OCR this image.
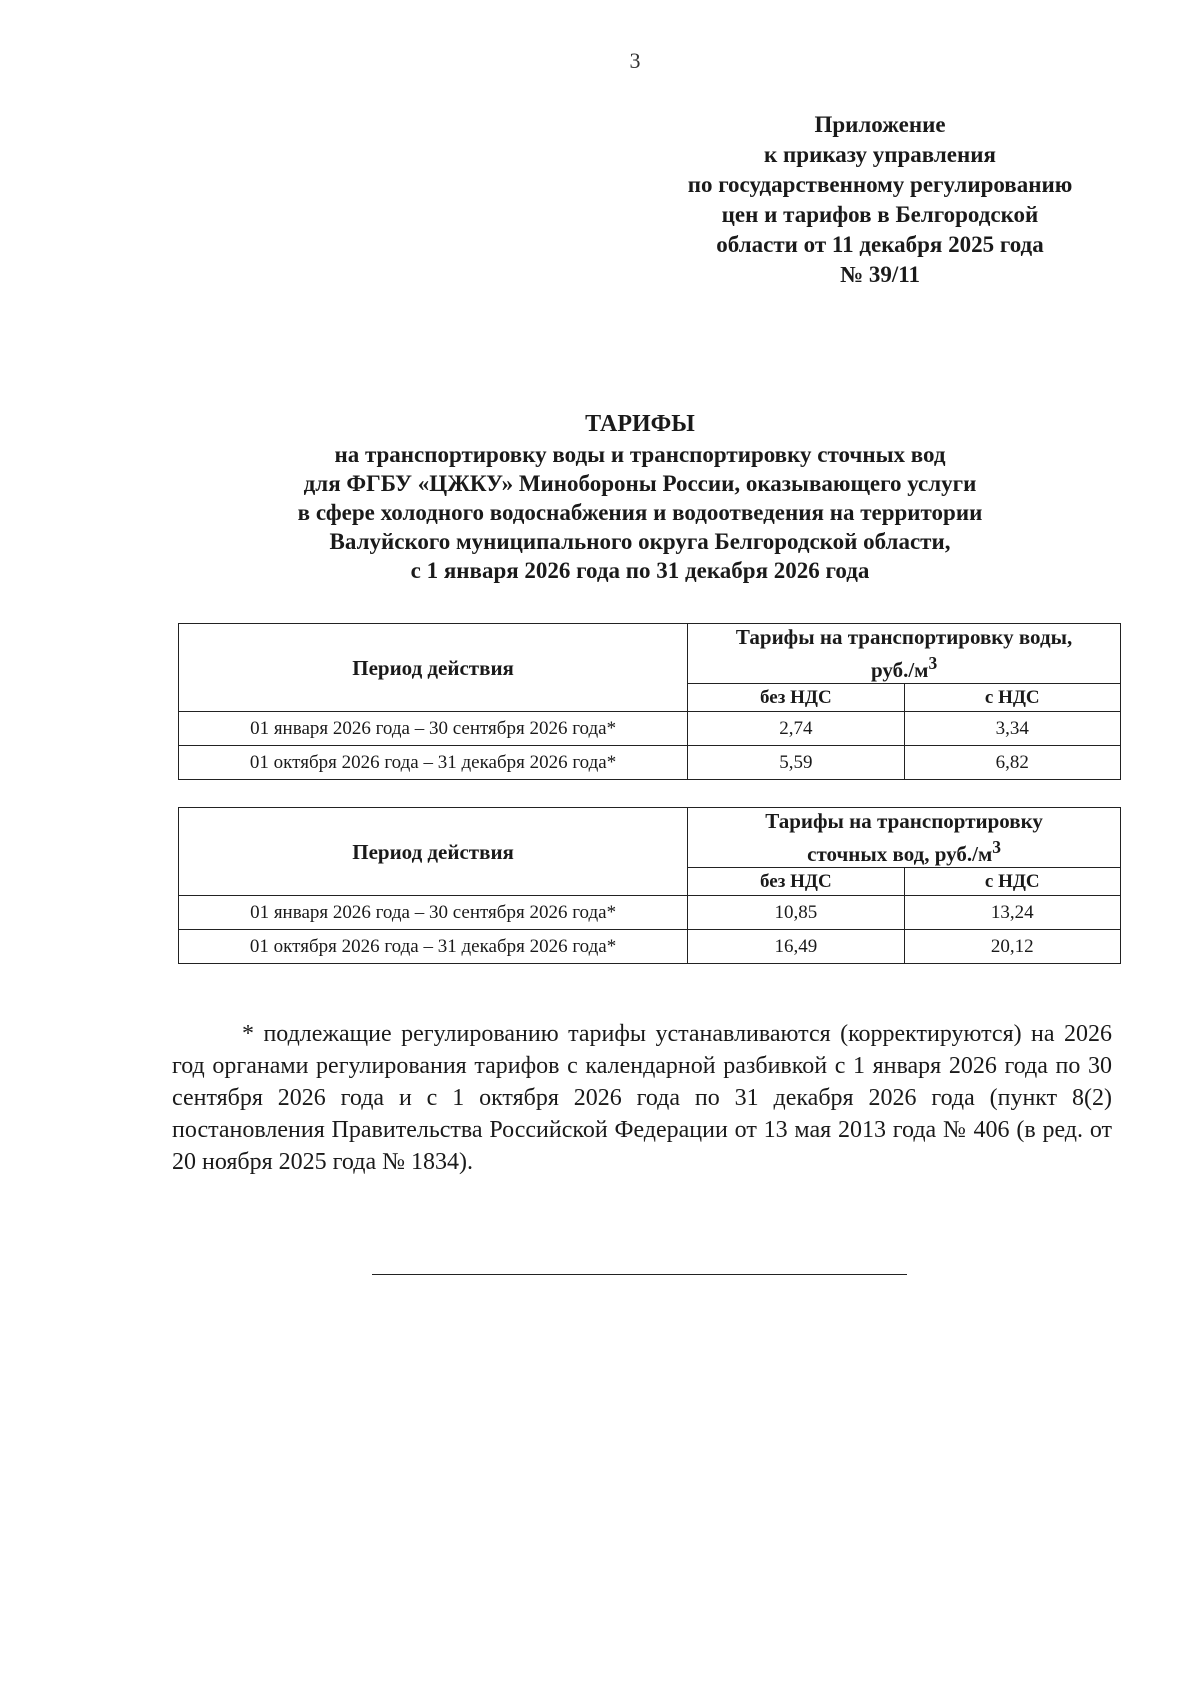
3
Приложение
к приказу управления
по государственному регулированию
цен и тарифов в Белгородской
области от 11 декабря 2025 года
№ 39/11
ТАРИФЫ
на транспортировку воды и транспортировку сточных вод
для ФГБУ «ЦЖКУ» Минобороны России, оказывающего услуги
в сфере холодного водоснабжения и водоотведения на территории
Валуйского муниципального округа Белгородской области,
с 1 января 2026 года по 31 декабря 2026 года
Период действия	Тарифы на транспортировку воды,
$руб./м^3$
	без НДС	с НДС
01 января 2026 года – 30 сентября 2026 года*	2,74	3,34
01 октября 2026 года – 31 декабря 2026 года*	5,59	6,82
Период действия	Тарифы на транспортировку
сточных вод, $руб./м^3$
	без НДС	с НДС
01 января 2026 года – 30 сентября 2026 года*	10,85	13,24
01 октября 2026 года – 31 декабря 2026 года*	16,49	20,12

* подлежащие регулированию тарифы устанавливаются (корректируются) на 2026 год органами регулирования тарифов с календарной разбивкой с 1 января 2026 года по 30 сентября 2026 года и с 1 октября 2026 года по 31 декабря 2026 года (пункт 8(2) постановления Правительства Российской Федерации от 13 мая 2013 года № 406 (в ред. от 20 ноября 2025 года № 1834).
